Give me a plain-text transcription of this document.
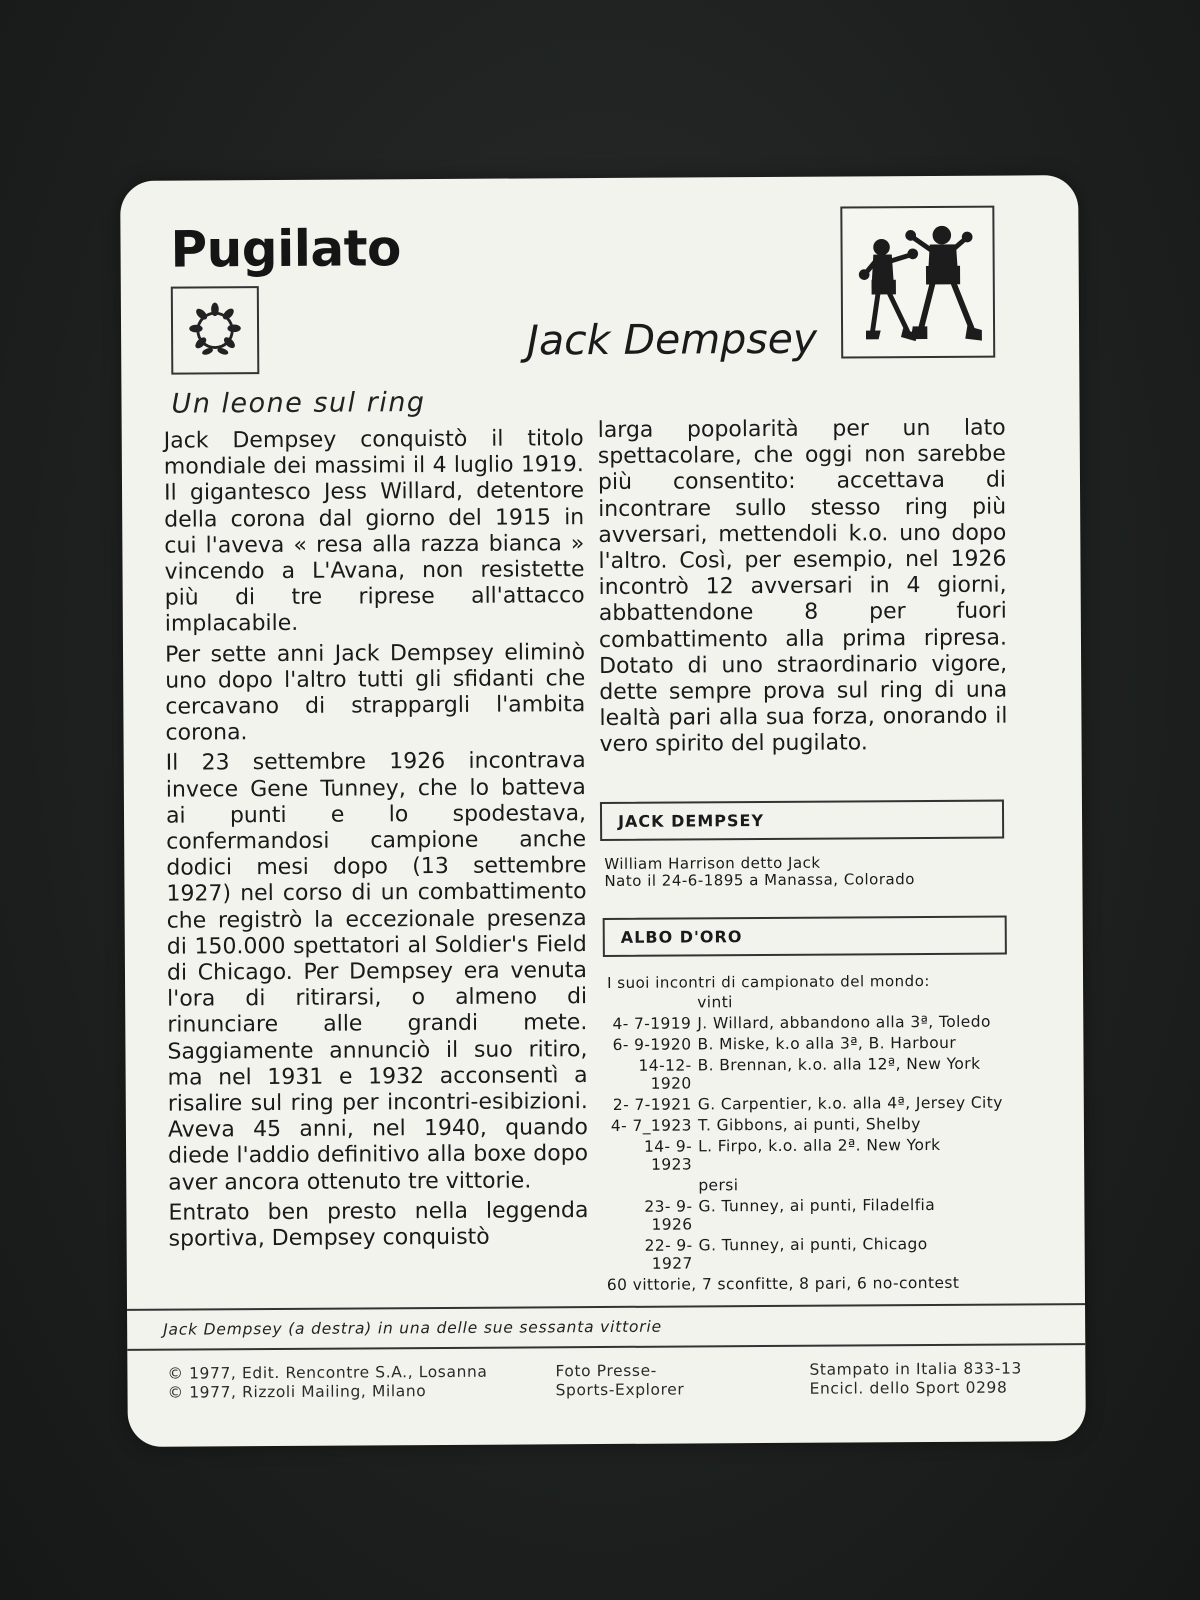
Pugilato
Jack Dempsey
Un leone sul ring

Jack Dempsey conquistò il titolo mondiale dei massimi il 4 luglio 1919. Il gigantesco Jess Willard, detentore della corona dal giorno del 1915 in cui l'aveva « resa alla razza bianca » vincendo a L'Avana, non resistette più di tre riprese all'attacco implacabile.

Per sette anni Jack Dempsey eliminò uno dopo l'altro tutti gli sfidanti che cercavano di strappargli l'ambita corona.

Il 23 settembre 1926 incontrava invece Gene Tunney, che lo batteva ai punti e lo spodestava, confermandosi campione anche dodici mesi dopo (13 settembre 1927) nel corso di un combattimento che registrò la eccezionale presenza di 150.000 spettatori al Soldier's Field di Chicago. Per Dempsey era venuta l'ora di ritirarsi, o almeno di rinunciare alle grandi mete. Saggiamente annunciò il suo ritiro, ma nel 1931 e 1932 acconsentì a risalire sul ring per incontri-esibizioni. Aveva 45 anni, nel 1940, quando diede l'addio definitivo alla boxe dopo aver ancora ottenuto tre vittorie.

Entrato ben presto nella leggenda sportiva, Dempsey conquistò

larga popolarità per un lato spettacolare, che oggi non sarebbe più consentito: accettava di incontrare sullo stesso ring più avversari, mettendoli k.o. uno dopo l'altro. Così, per esempio, nel 1926 incontrò 12 avversari in 4 giorni, abbattendone 8 per fuori combattimento alla prima ripresa. Dotato di uno straordinario vigore, dette sempre prova sul ring di una lealtà pari alla sua forza, onorando il vero spirito del pugilato.

JACK DEMPSEY
William Harrison detto Jack
Nato il 24-6-1895 a Manassa, Colorado
ALBO D'ORO
I suoi incontri di campionato del mondo:
vinti
4- 7-1919 J. Willard, abbandono alla 3ª, Toledo
6- 9-1920 B. Miske, k.o alla 3ª, B. Harbour
14-12-1920
B. Brennan, k.o. alla 12ª, New York
2- 7-1921 G. Carpentier, k.o. alla 4ª, Jersey City
4- 7_1923 T. Gibbons, ai punti, Shelby
14- 9-1923
L. Firpo, k.o. alla 2ª. New York
persi
23- 9-1926
G. Tunney, ai punti, Filadelfia
22- 9-1927
G. Tunney, ai punti, Chicago
60 vittorie, 7 sconfitte, 8 pari, 6 no-contest
Jack Dempsey (a destra) in una delle sue sessanta vittorie
© 1977, Edit. Rencontre S.A., Losanna
© 1977, Rizzoli Mailing, Milano
Foto Presse-
Sports-Explorer
Stampato in Italia 833-13
Encicl. dello Sport 0298
